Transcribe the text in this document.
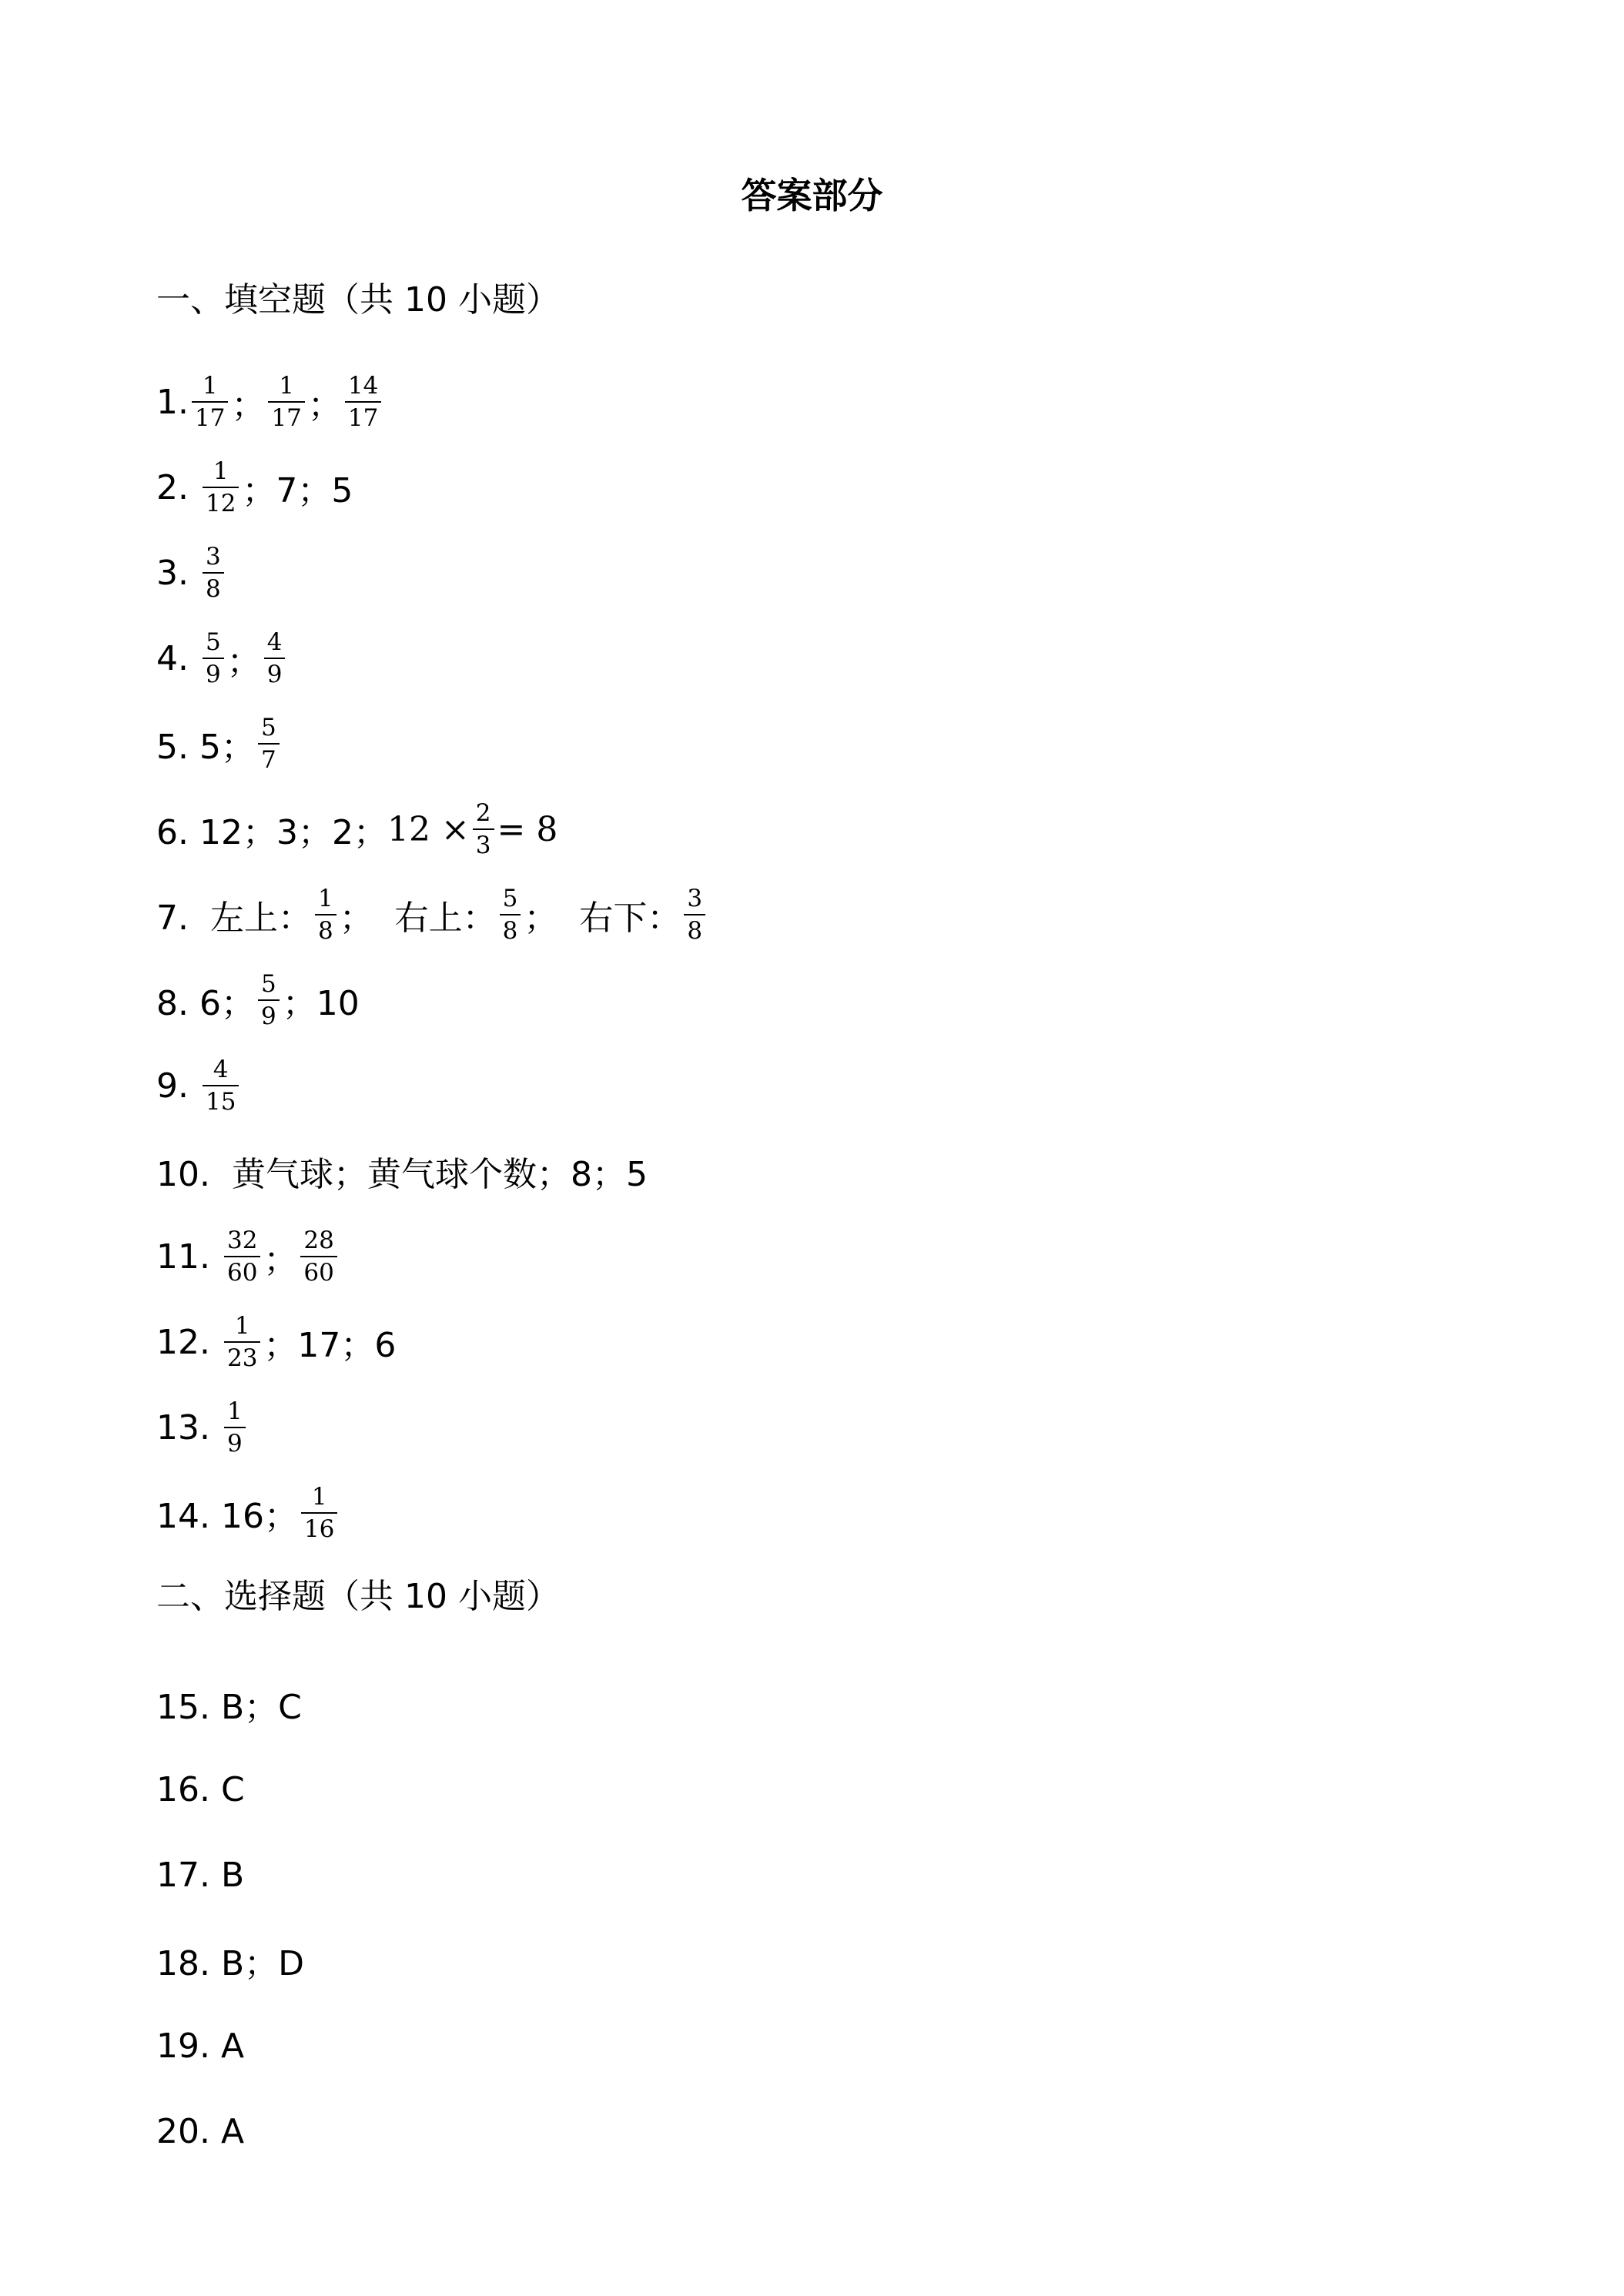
答案部分
一、填空题（共 10 小题）
1. $\frac{1}{17}$ ； $\frac{1}{17}$ ； $\frac{14}{17}$
2. $\frac{1}{12}$ ；7；5
3. $\frac{3}{8}$
4. $\frac{5}{9}$ ； $\frac{4}{9}$
5. 5； $\frac{5}{7}$
6. 12；3；2； $12 \times \frac{2}{3} = 8$
7.  左上： $\frac{1}{8}$ ；  右上： $\frac{5}{8}$ ；  右下： $\frac{3}{8}$
8. 6； $\frac{5}{9}$ ；10
9. $\frac{4}{15}$
10.  黄气球；黄气球个数；8；5
11. $\frac{32}{60}$ ； $\frac{28}{60}$
12. $\frac{1}{23}$ ；17；6
13. $\frac{1}{9}$
14. 16； $\frac{1}{16}$
二、选择题（共 10 小题）
15. B；C
16. C
17. B
18. B；D
19. A
20. A
